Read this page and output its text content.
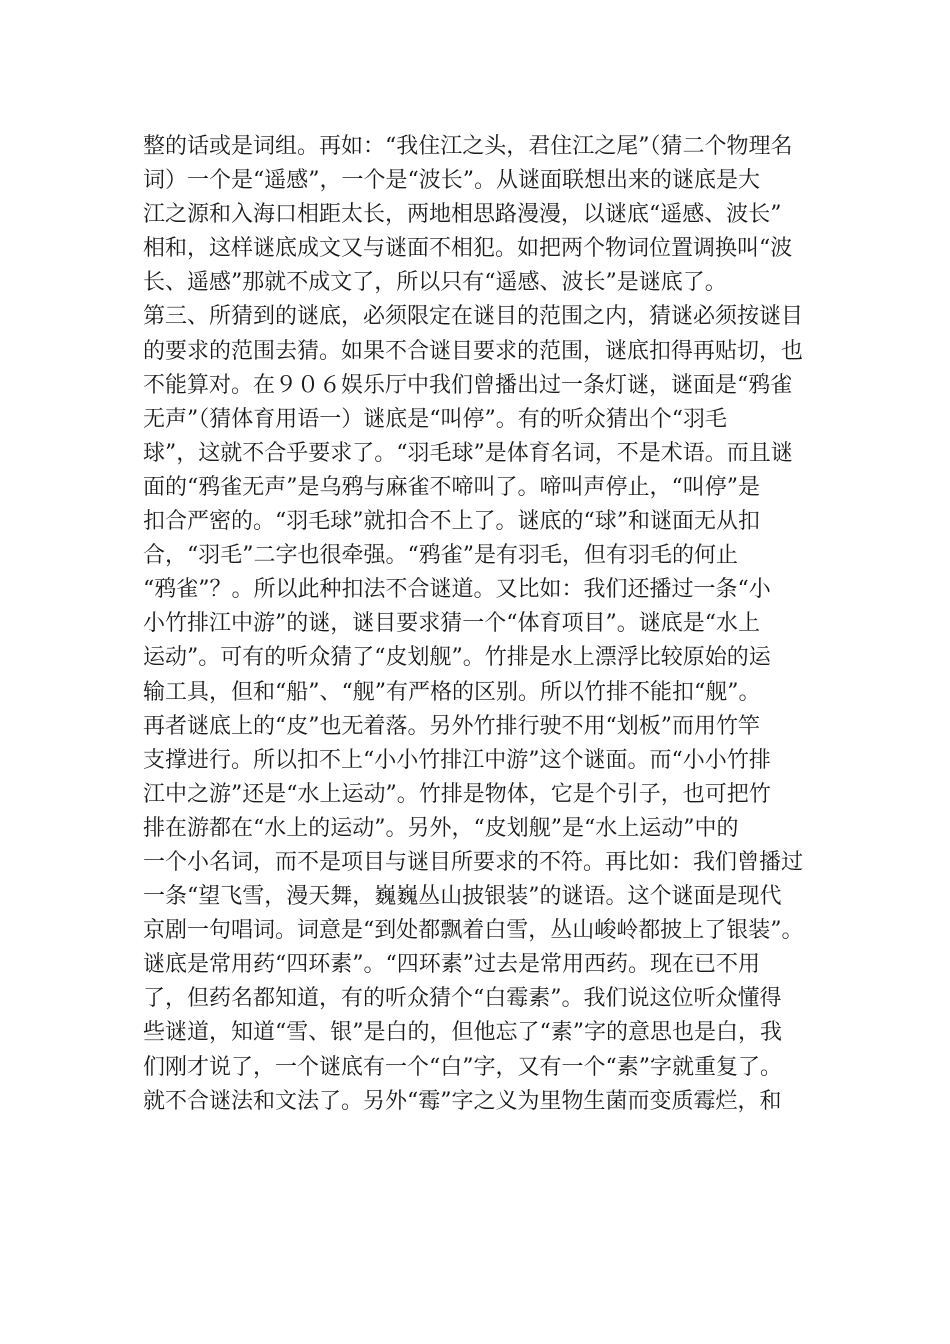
整的话或是词组。再如：“我住江之头，君住江之尾”（猜二个物理名
词）一个是“遥感”，一个是“波长”。从谜面联想出来的谜底是大
江之源和入海口相距太长，两地相思路漫漫，以谜底“遥感、波长”
相和，这样谜底成文又与谜面不相犯。如把两个物词位置调换叫“波
长、遥感”那就不成文了，所以只有“遥感、波长”是谜底了。
第三、所猜到的谜底，必须限定在谜目的范围之内，猜谜必须按谜目
的要求的范围去猜。如果不合谜目要求的范围，谜底扣得再贴切，也
不能算对。在９０６娱乐厅中我们曾播出过一条灯谜，谜面是“鸦雀
无声”（猜体育用语一）谜底是“叫停”。有的听众猜出个“羽毛
球”，这就不合乎要求了。“羽毛球”是体育名词，不是术语。而且谜
面的“鸦雀无声”是乌鸦与麻雀不啼叫了。啼叫声停止，“叫停”是
扣合严密的。“羽毛球”就扣合不上了。谜底的“球”和谜面无从扣
合，“羽毛”二字也很牵强。“鸦雀”是有羽毛，但有羽毛的何止
“鸦雀”？。所以此种扣法不合谜道。又比如：我们还播过一条“小
小竹排江中游”的谜，谜目要求猜一个“体育项目”。谜底是“水上
运动”。可有的听众猜了“皮划舰”。竹排是水上漂浮比较原始的运
输工具，但和“船”、“舰”有严格的区别。所以竹排不能扣“舰”。
再者谜底上的“皮”也无着落。另外竹排行驶不用“划板”而用竹竿
支撑进行。所以扣不上“小小竹排江中游”这个谜面。而“小小竹排
江中之游”还是“水上运动”。竹排是物体，它是个引子，也可把竹
排在游都在“水上的运动”。另外，“皮划舰”是“水上运动”中的
一个小名词，而不是项目与谜目所要求的不符。再比如：我们曾播过
一条“望飞雪，漫天舞，巍巍丛山披银装”的谜语。这个谜面是现代
京剧一句唱词。词意是“到处都飘着白雪，丛山峻岭都披上了银装”。
谜底是常用药“四环素”。“四环素”过去是常用西药。现在已不用
了，但药名都知道，有的听众猜个“白霉素”。我们说这位听众懂得
些谜道，知道“雪、银”是白的，但他忘了“素”字的意思也是白，我
们刚才说了，一个谜底有一个“白”字，又有一个“素”字就重复了。
就不合谜法和文法了。另外“霉”字之义为里物生菌而变质霉烂，和
